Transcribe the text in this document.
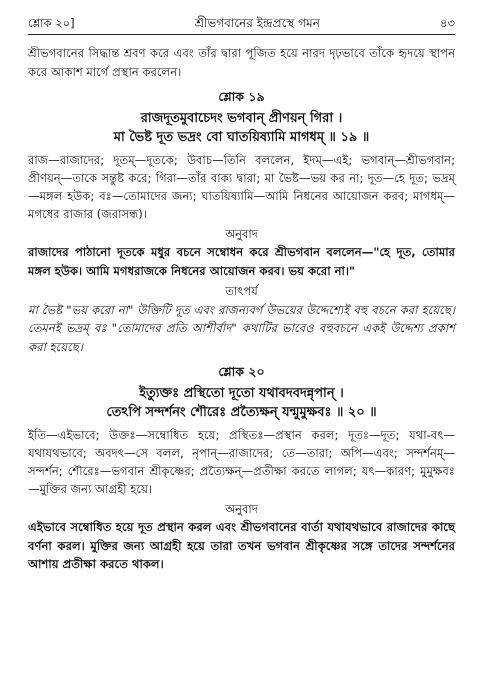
শ্লোক ২০]	শ্রীভগবানের ইন্দ্রপ্রস্থে গমন	৪৩

শ্রীভগবানের সিদ্ধান্ত শ্রবণ করে এবং তাঁর দ্বারা পূজিত হয়ে নারদ দৃঢ়ভাবে তাঁকে হৃদয়ে স্থাপন করে আকাশ মার্গে প্রস্থান করলেন।

শ্লোক ১৯
রাজদূতমুবাচেদং ভগবান্ প্রীণয়ন্ গিরা ।
মা ভৈষ্ট দূত ভদ্রং বো ঘাতয়িষ্যামি মাগধম্ ॥ ১৯ ॥

রাজ—রাজাদের; দূতম্—দূতকে; উবাচ—তিনি বললেন, ইদম্—এই; ভগবান্—শ্রীভগবান; প্রীণয়ন্—তাকে সন্তুষ্ট করে; গিরা—তাঁর বাক্য দ্বারা; মা ভৈষ্ট—ভয় কর না; দূত—হে দূত; ভদ্রম্—মঙ্গল হউক; বঃ—তোমাদের জন্য; ঘাতয়িষ্যামি—আমি নিধনের আয়োজন করব; মাগধম্—মগধের রাজার (জরাসন্ধ)।

অনুবাদ

রাজাদের পাঠানো দূতকে মধুর বচনে সম্বোধন করে শ্রীভগবান বললেন—"হে দূত, তোমার মঙ্গল হউক। আমি মগধরাজকে নিধনের আয়োজন করব। ভয় করো না।"

তাৎপর্য

মা ভৈষ্ট "ভয় করো না" উক্তিটি দূত এবং রাজন্যবর্গ উভয়ের উদ্দেশ্যেই বহু বচনে করা হয়েছে। তেমনই ভদ্রম্ বঃ "তোমাদের প্রতি আশীর্বাদ" কথাটির ভাবেও বহুবচনে একই উদ্দেশ্য প্রকাশ করা হয়েছে।

শ্লোক ২০
ইত্যুক্তঃ প্রস্থিতো দূতো যথাবদবদন্নৃপান্ ।
তেঽপি সন্দর্শনং শৌরেঃ প্রত্যৈক্ষন্ যন্মুমুক্ষবঃ ॥ ২০ ॥

ইতি—এইভাবে; উক্তঃ—সম্বোধিত হয়ে; প্রস্থিতঃ—প্রস্থান করল; দূতঃ—দূত; যথা-বৎ—যথাযথভাবে; অবদৎ—সে বলল, নৃপান্—রাজাদের; তে—তারা; অপি—এবং; সন্দর্শনম্—সন্দর্শন; শৌরেঃ—ভগবান শ্রীকৃষ্ণের; প্রত্যৈক্ষন্—প্রতীক্ষা করতে লাগল; যৎ—কারণ; মুমুক্ষবঃ—মুক্তির জন্য আগ্রহী হয়ে।

অনুবাদ

এইভাবে সম্বোধিত হয়ে দূত প্রস্থান করল এবং শ্রীভগবানের বার্তা যথাযথভাবে রাজাদের কাছে বর্ণনা করল। মুক্তির জন্য আগ্রহী হয়ে তারা তখন ভগবান শ্রীকৃষ্ণের সঙ্গে তাদের সন্দর্শনের আশায় প্রতীক্ষা করতে থাকল।
